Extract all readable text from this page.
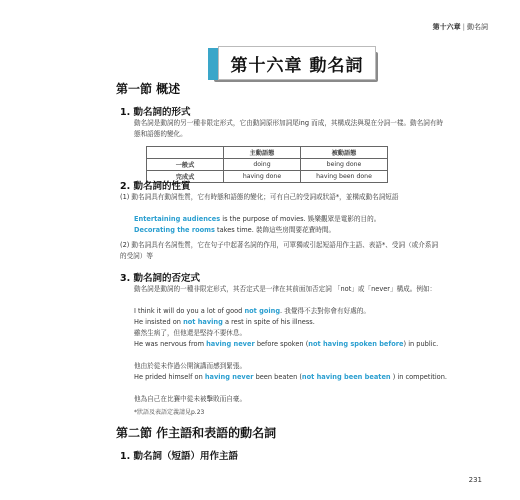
第十六章 | 動名詞
第十六章 動名詞
第一節 概述
1. 動名詞的形式
動名詞是動詞的另一種非限定形式，它由動詞原形加詞尾ing 而成，其構成法與現在分詞一樣。動名詞有時態和語態的變化。
	主動語態	被動語態
一般式	doing	being done
完成式	having done	having been done
2. 動名詞的性質
(1) 動名詞具有動詞性質，它有時態和語態的變化；可有自己的受詞或狀語*，並構成動名詞短語
Entertaining audiences is the purpose of movies. 娛樂觀眾是電影的目的。
Decorating the rooms takes time. 裝飾這些房間要花費時間。
(2) 動名詞具有名詞性質，它在句子中起著名詞的作用，可單獨或引起短語用作主語、表語*、受詞（或介系詞的受詞）等
3. 動名詞的否定式
動名詞是動詞的一種非限定形式，其否定式是一律在其前面加否定詞 「not」或「never」構成。例如：
I think it will do you a lot of good not going. 我覺得不去對你會有好處的。
He insisted on not having a rest in spite of his illness.
雖然生病了，但他還是堅持不要休息。
He was nervous from having never before spoken (not having spoken before) in public.
他由於從未作過公開演講而感到緊張。
He prided himself on having never been beaten (not having been beaten ) in competition.
他為自己在比賽中從未被擊敗而自豪。
*狀語及表語定義請見p.23
第二節 作主語和表語的動名詞
1. 動名詞（短語）用作主語
231
